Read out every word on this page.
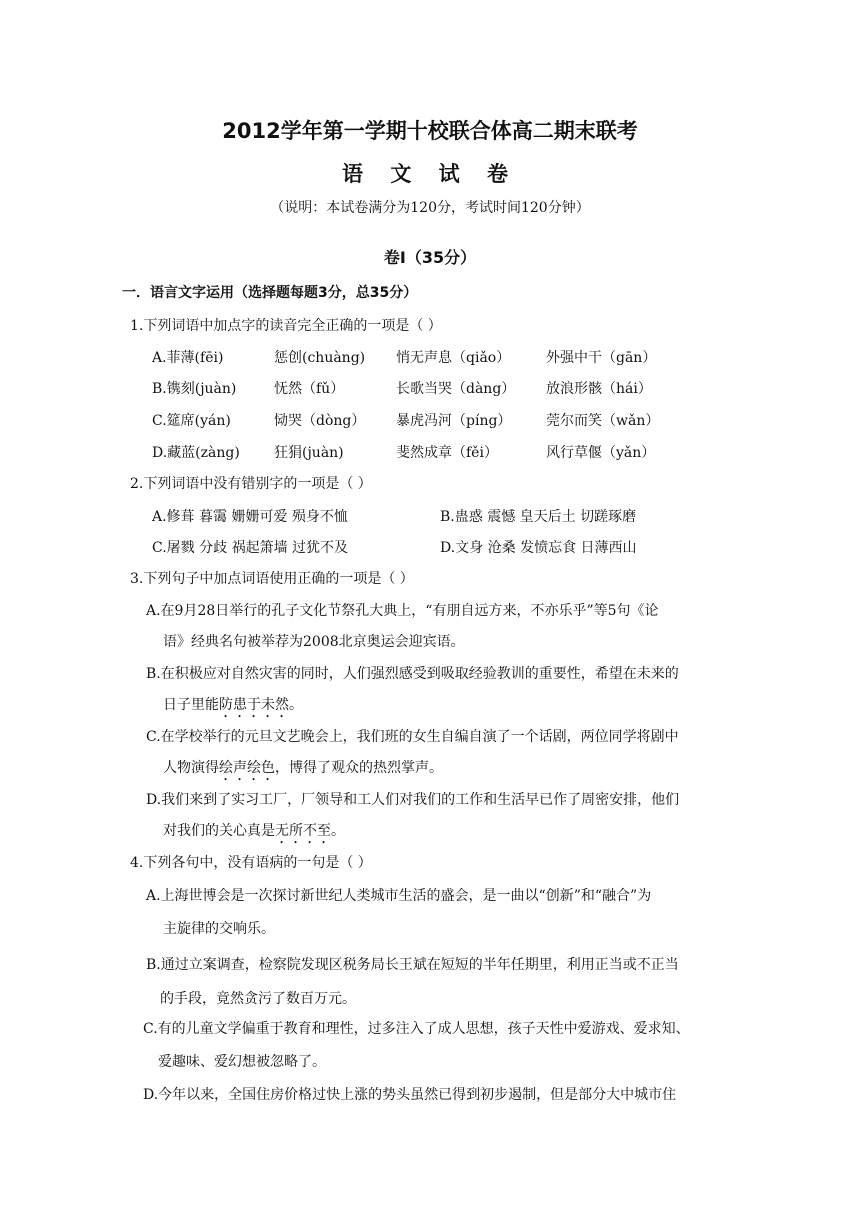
2012学年第一学期十校联合体高二期末联考
语 文 试 卷
（说明：本试卷满分为120分，考试时间120分钟）
卷Ⅰ（35分）
一．语言文字运用（选择题每题3分，总35分）
1.下列词语中加点字的读音完全正确的一项是（ ）
A.菲薄(fēi)	惩创(chuàng) 悄无声息（qiǎo）	外强中干（gān）
B.镌刻(juàn)	怃然（fǔ）	长歌当哭（dàng） 放浪形骸（hái）
C.筵席(yán)	恸哭（dòng） 暴虎冯河（píng） 莞尔而笑（wǎn）
D.藏蓝(zàng) 狂狷(juàn)	斐然成章（fěi）	风行草偃（yǎn）
2.下列词语中没有错别字的一项是（ ）
A.修葺 暮霭 姗姗可爱 殒身不恤	B.蛊惑 震憾 皇天后土 切蹉琢磨
C.屠戮 分歧 祸起箫墙 过犹不及	D.文身 沧桑 发愤忘食 日薄西山
3.下列句子中加点词语使用正确的一项是（ ）
A.在9月28日举行的孔子文化节祭孔大典上，“有朋自远方来，不亦乐乎”等5句《论
语》经典名句被举荐为2008北京奥运会迎宾语。
B.在积极应对自然灾害的同时，人们强烈感受到吸取经验教训的重要性，希望在未来的
日子里能防患于未然。
C.在学校举行的元旦文艺晚会上，我们班的女生自编自演了一个话剧，两位同学将剧中
人物演得绘声绘色，博得了观众的热烈掌声。
D.我们来到了实习工厂，厂领导和工人们对我们的工作和生活早已作了周密安排，他们
对我们的关心真是无所不至。
4.下列各句中，没有语病的一句是（ ）
A.上海世博会是一次探讨新世纪人类城市生活的盛会，是一曲以“创新”和“融合”为
主旋律的交响乐。
B.通过立案调查，检察院发现区税务局长王斌在短短的半年任期里，利用正当或不正当
的手段，竟然贪污了数百万元。
C.有的儿童文学偏重于教育和理性，过多注入了成人思想，孩子天性中爱游戏、爱求知、
爱趣味、爱幻想被忽略了。
D.今年以来，全国住房价格过快上涨的势头虽然已得到初步遏制，但是部分大中城市住
